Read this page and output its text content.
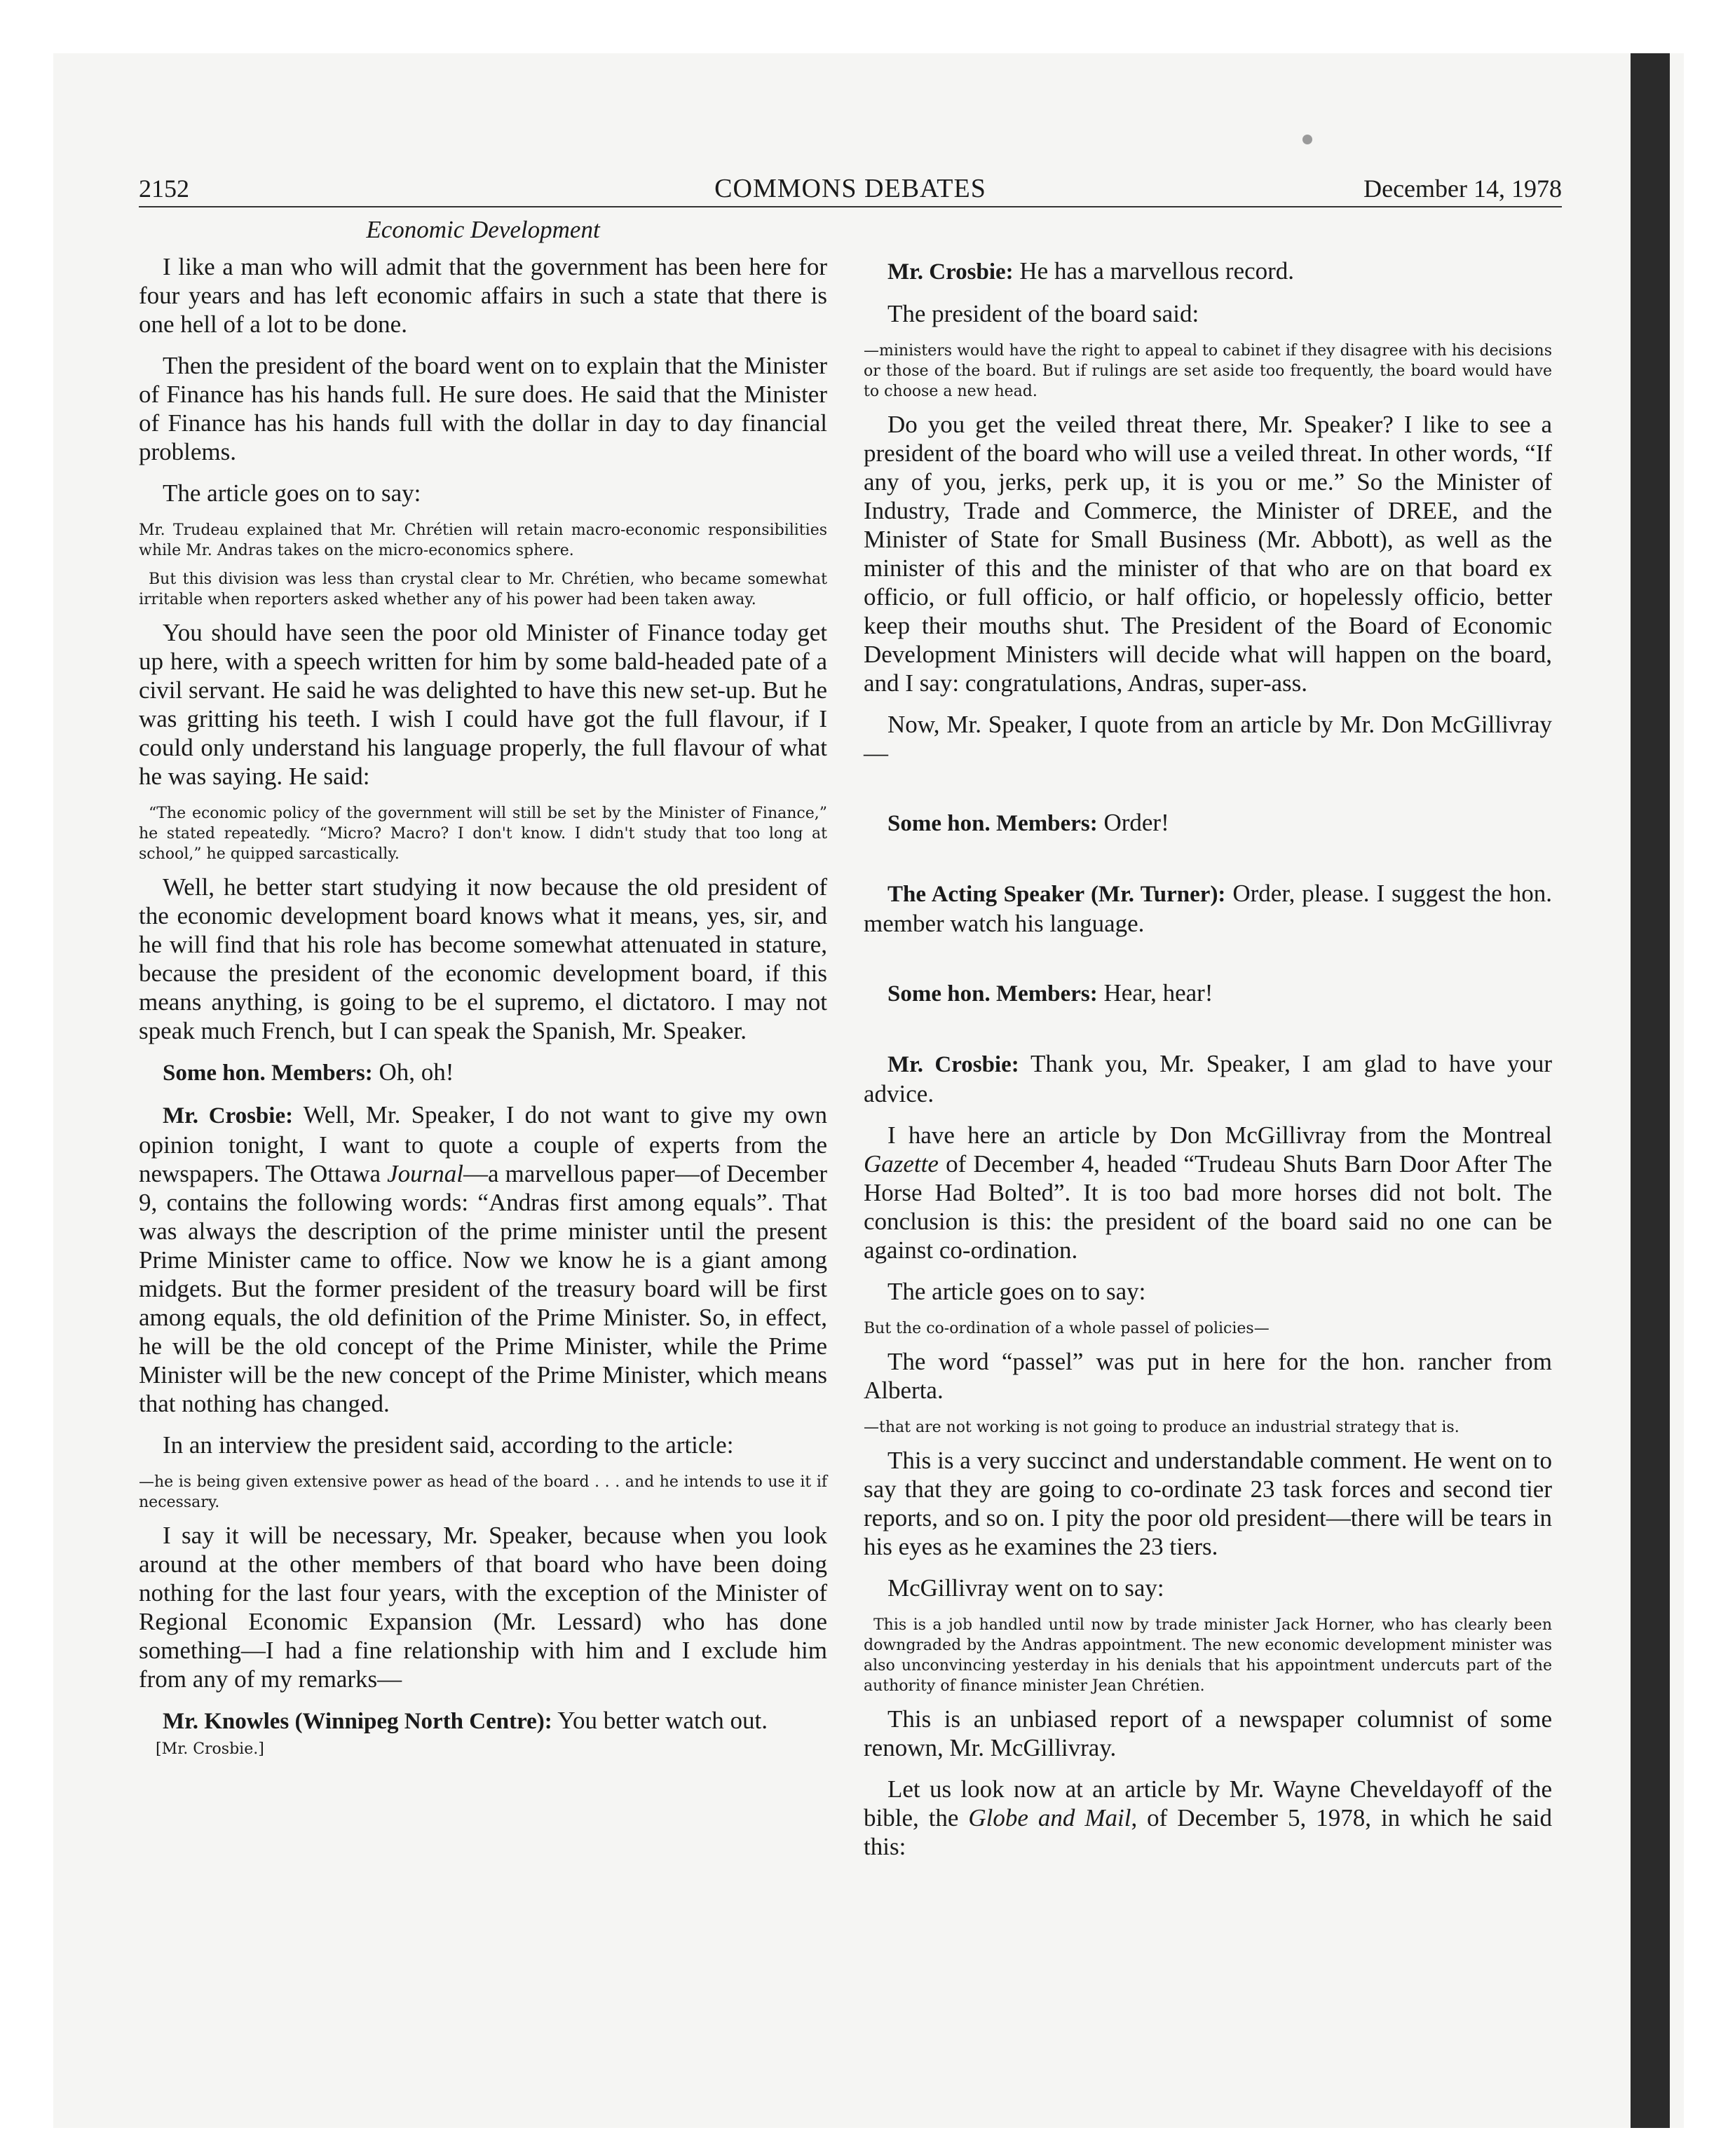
2152	COMMONS DEBATES	December 14, 1978

Economic Development

I like a man who will admit that the government has been here for four years and has left economic affairs in such a state that there is one hell of a lot to be done.

Then the president of the board went on to explain that the Minister of Finance has his hands full. He sure does. He said that the Minister of Finance has his hands full with the dollar in day to day financial problems.

The article goes on to say:

Mr. Trudeau explained that Mr. Chrétien will retain macro-economic responsibilities while Mr. Andras takes on the micro-economics sphere.

But this division was less than crystal clear to Mr. Chrétien, who became somewhat irritable when reporters asked whether any of his power had been taken away.

You should have seen the poor old Minister of Finance today get up here, with a speech written for him by some bald-headed pate of a civil servant. He said he was delighted to have this new set-up. But he was gritting his teeth. I wish I could have got the full flavour, if I could only understand his language properly, the full flavour of what he was saying. He said:

“The economic policy of the government will still be set by the Minister of Finance,” he stated repeatedly. “Micro? Macro? I don't know. I didn't study that too long at school,” he quipped sarcastically.

Well, he better start studying it now because the old president of the economic development board knows what it means, yes, sir, and he will find that his role has become somewhat attenuated in stature, because the president of the economic development board, if this means anything, is going to be el supremo, el dictatoro. I may not speak much French, but I can speak the Spanish, Mr. Speaker.

Some hon. Members: Oh, oh!

Mr. Crosbie: Well, Mr. Speaker, I do not want to give my own opinion tonight, I want to quote a couple of experts from the newspapers. The Ottawa Journal—a marvellous paper—of December 9, contains the following words: “Andras first among equals”. That was always the description of the prime minister until the present Prime Minister came to office. Now we know he is a giant among midgets. But the former president of the treasury board will be first among equals, the old definition of the Prime Minister. So, in effect, he will be the old concept of the Prime Minister, while the Prime Minister will be the new concept of the Prime Minister, which means that nothing has changed.

In an interview the president said, according to the article:

—he is being given extensive power as head of the board . . . and he intends to use it if necessary.

I say it will be necessary, Mr. Speaker, because when you look around at the other members of that board who have been doing nothing for the last four years, with the exception of the Minister of Regional Economic Expansion (Mr. Lessard) who has done something—I had a fine relationship with him and I exclude him from any of my remarks—

Mr. Knowles (Winnipeg North Centre): You better watch out.

[Mr. Crosbie.]

Mr. Crosbie: He has a marvellous record.

The president of the board said:

—ministers would have the right to appeal to cabinet if they disagree with his decisions or those of the board. But if rulings are set aside too frequently, the board would have to choose a new head.

Do you get the veiled threat there, Mr. Speaker? I like to see a president of the board who will use a veiled threat. In other words, “If any of you, jerks, perk up, it is you or me.” So the Minister of Industry, Trade and Commerce, the Minister of DREE, and the Minister of State for Small Business (Mr. Abbott), as well as the minister of this and the minister of that who are on that board ex officio, or full officio, or half officio, or hopelessly officio, better keep their mouths shut. The President of the Board of Economic Development Ministers will decide what will happen on the board, and I say: congratulations, Andras, super-ass.

Now, Mr. Speaker, I quote from an article by Mr. Don McGillivray—

Some hon. Members: Order!

The Acting Speaker (Mr. Turner): Order, please. I suggest the hon. member watch his language.

Some hon. Members: Hear, hear!

Mr. Crosbie: Thank you, Mr. Speaker, I am glad to have your advice.

I have here an article by Don McGillivray from the Montreal Gazette of December 4, headed “Trudeau Shuts Barn Door After The Horse Had Bolted”. It is too bad more horses did not bolt. The conclusion is this: the president of the board said no one can be against co-ordination.

The article goes on to say:

But the co-ordination of a whole passel of policies—

The word “passel” was put in here for the hon. rancher from Alberta.

—that are not working is not going to produce an industrial strategy that is.

This is a very succinct and understandable comment. He went on to say that they are going to co-ordinate 23 task forces and second tier reports, and so on. I pity the poor old president—there will be tears in his eyes as he examines the 23 tiers.

McGillivray went on to say:

This is a job handled until now by trade minister Jack Horner, who has clearly been downgraded by the Andras appointment. The new economic development minister was also unconvincing yesterday in his denials that his appointment undercuts part of the authority of finance minister Jean Chrétien.

This is an unbiased report of a newspaper columnist of some renown, Mr. McGillivray.

Let us look now at an article by Mr. Wayne Cheveldayoff of the bible, the Globe and Mail, of December 5, 1978, in which he said this:
